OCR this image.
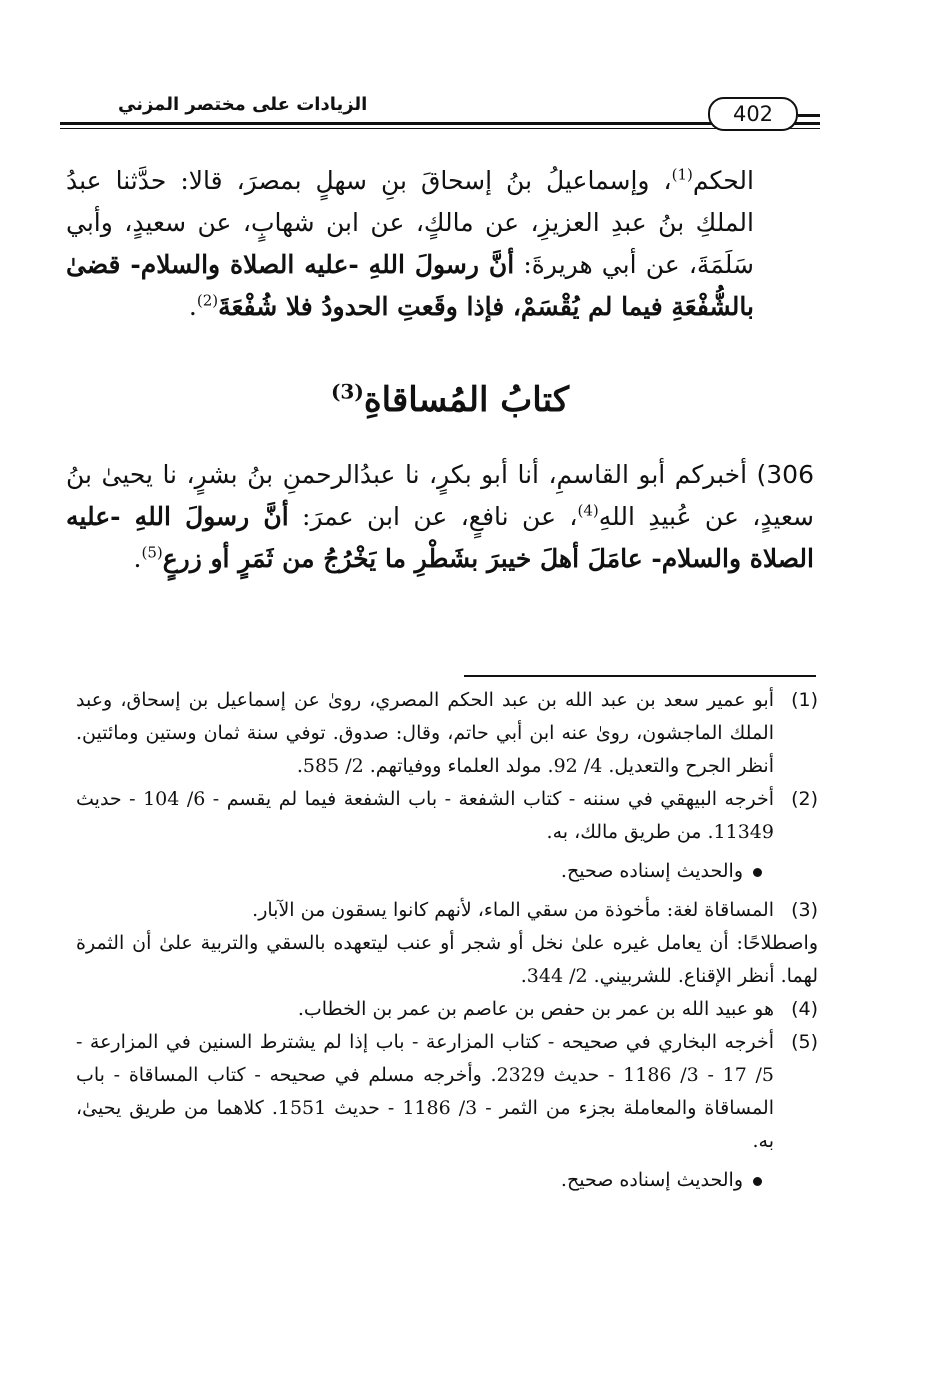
الزيادات على مختصر المزني	402
الحكم$^{(1)}$، وإسماعيلُ بنُ إسحاقَ بنِ سهلٍ بمصرَ، قالا: حدَّثنا عبدُ الملكِ بنُ عبدِ العزيزِ، عن مالكٍ، عن ابن شهابٍ، عن سعيدٍ، وأبي سَلَمَةَ، عن أبي هريرةَ: أنَّ رسولَ اللهِ -عليه الصلاة والسلام- قضىٰ بالشُّفْعَةِ فيما لم يُقْسَمْ، فإذا وقَعتِ الحدودُ فلا شُفْعَةَ$^{(2)}$.
كتابُ المُساقاةِ$^{(3)}$
306) أخبركم أبو القاسمِ، أنا أبو بكرٍ، نا عبدُالرحمنِ بنُ بشرٍ، نا يحيىٰ بنُ سعيدٍ، عن عُبيدِ اللهِ$^{(4)}$، عن نافعٍ، عن ابن عمرَ: أنَّ رسولَ اللهِ -عليه الصلاة والسلام- عامَلَ أهلَ خيبرَ بشَطْرِ ما يَخْرُجُ من ثَمَرٍ أو زرعٍ$^{(5)}$.
(1)
أبو عمير سعد بن عبد الله بن عبد الحكم المصري، روىٰ عن إسماعيل بن إسحاق، وعبد الملك الماجشون، روىٰ عنه ابن أبي حاتم، وقال: صدوق. توفي سنة ثمان وستين ومائتين. أنظر الجرح والتعديل. 4/ 92. مولد العلماء ووفياتهم. 2/ 585.
(2)
أخرجه البيهقي في سننه - كتاب الشفعة - باب الشفعة فيما لم يقسم - 6/ 104 - حديث 11349. من طريق مالك، به.
والحديث إسناده صحيح.
(3)
المساقاة لغة: مأخوذة من سقي الماء، لأنهم كانوا يسقون من الآبار.
واصطلاحًا: أن يعامل غيره علىٰ نخل أو شجر أو عنب ليتعهده بالسقي والتربية علىٰ أن الثمرة لهما. أنظر الإقناع. للشربيني. 2/ 344.
(4)
هو عبيد الله بن عمر بن حفص بن عاصم بن عمر بن الخطاب.
(5)
أخرجه البخاري في صحيحه - كتاب المزارعة - باب إذا لم يشترط السنين في المزارعة - 5/ 17 - 3/ 1186 - حديث 2329. وأخرجه مسلم في صحيحه - كتاب المساقاة - باب المساقاة والمعاملة بجزء من الثمر - 3/ 1186 - حديث 1551. كلاهما من طريق يحيىٰ، به.
والحديث إسناده صحيح.
